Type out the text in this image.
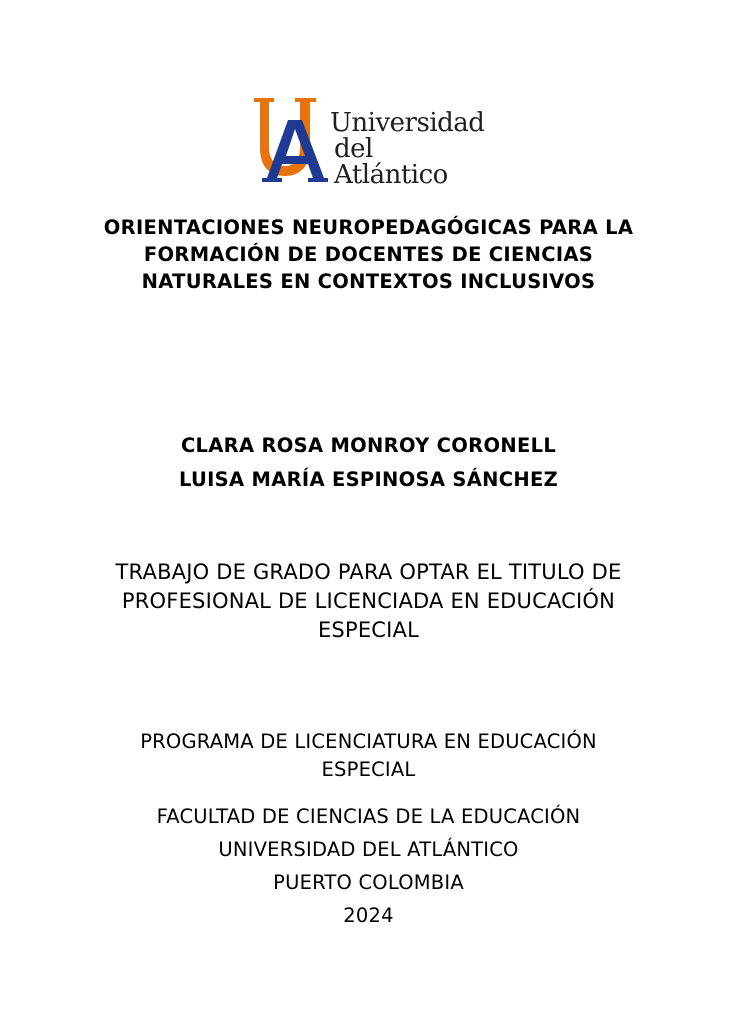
Universidad
del Atlántico
ORIENTACIONES NEUROPEDAGÓGICAS PARA LA
FORMACIÓN DE DOCENTES DE CIENCIAS
NATURALES EN CONTEXTOS INCLUSIVOS
CLARA ROSA MONROY CORONELL
LUISA MARÍA ESPINOSA SÁNCHEZ
TRABAJO DE GRADO PARA OPTAR EL TITULO DE
PROFESIONAL DE LICENCIADA EN EDUCACIÓN
ESPECIAL
PROGRAMA DE LICENCIATURA EN EDUCACIÓN
ESPECIAL
FACULTAD DE CIENCIAS DE LA EDUCACIÓN
UNIVERSIDAD DEL ATLÁNTICO
PUERTO COLOMBIA
2024
